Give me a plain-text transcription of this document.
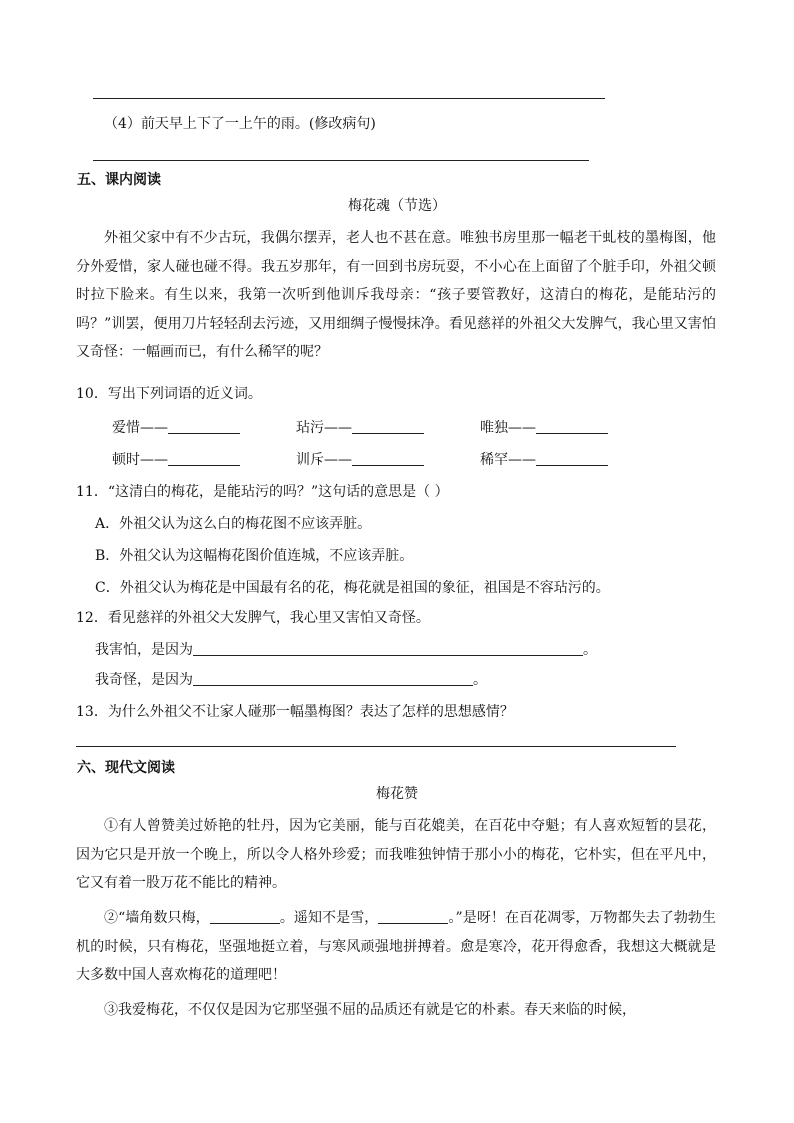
（4）前天早上下了一上午的雨。(修改病句)
五、课内阅读
梅花魂（节选）
外祖父家中有不少古玩，我偶尔摆弄，老人也不甚在意。唯独书房里那一幅老干虬枝的墨梅图，他分外爱惜，家人碰也碰不得。我五岁那年，有一回到书房玩耍，不小心在上面留了个脏手印，外祖父顿时拉下脸来。有生以来，我第一次听到他训斥我母亲：“孩子要管教好，这清白的梅花，是能玷污的吗？”训罢，便用刀片轻轻刮去污迹，又用细绸子慢慢抹净。看见慈祥的外祖父大发脾气，我心里又害怕又奇怪：一幅画而已，有什么稀罕的呢？
10．写出下列词语的近义词。
爱惜——	玷污——	唯独——
顿时——	训斥——	稀罕——
11．“这清白的梅花，是能玷污的吗？”这句话的意思是（ ）
A．外祖父认为这么白的梅花图不应该弄脏。
B．外祖父认为这幅梅花图价值连城，不应该弄脏。
C．外祖父认为梅花是中国最有名的花，梅花就是祖国的象征，祖国是不容玷污的。
12．看见慈祥的外祖父大发脾气，我心里又害怕又奇怪。
我害怕，是因为	。
我奇怪，是因为	。
13．为什么外祖父不让家人碰那一幅墨梅图？表达了怎样的思想感情？
六、现代文阅读
梅花赞
①有人曾赞美过娇艳的牡丹，因为它美丽，能与百花媲美，在百花中夺魁；有人喜欢短暂的昙花，因为它只是开放一个晚上，所以令人格外珍爱；而我唯独钟情于那小小的梅花，它朴实，但在平凡中，它又有着一股万花不能比的精神。
②“墙角数只梅，	。遥知不是雪，	。”是呀！在百花凋零，万物都失去了勃勃生机的时候，只有梅花，坚强地挺立着，与寒风顽强地拼搏着。愈是寒冷，花开得愈香，我想这大概就是大多数中国人喜欢梅花的道理吧！
③我爱梅花，不仅仅是因为它那坚强不屈的品质还有就是它的朴素。春天来临的时候，
